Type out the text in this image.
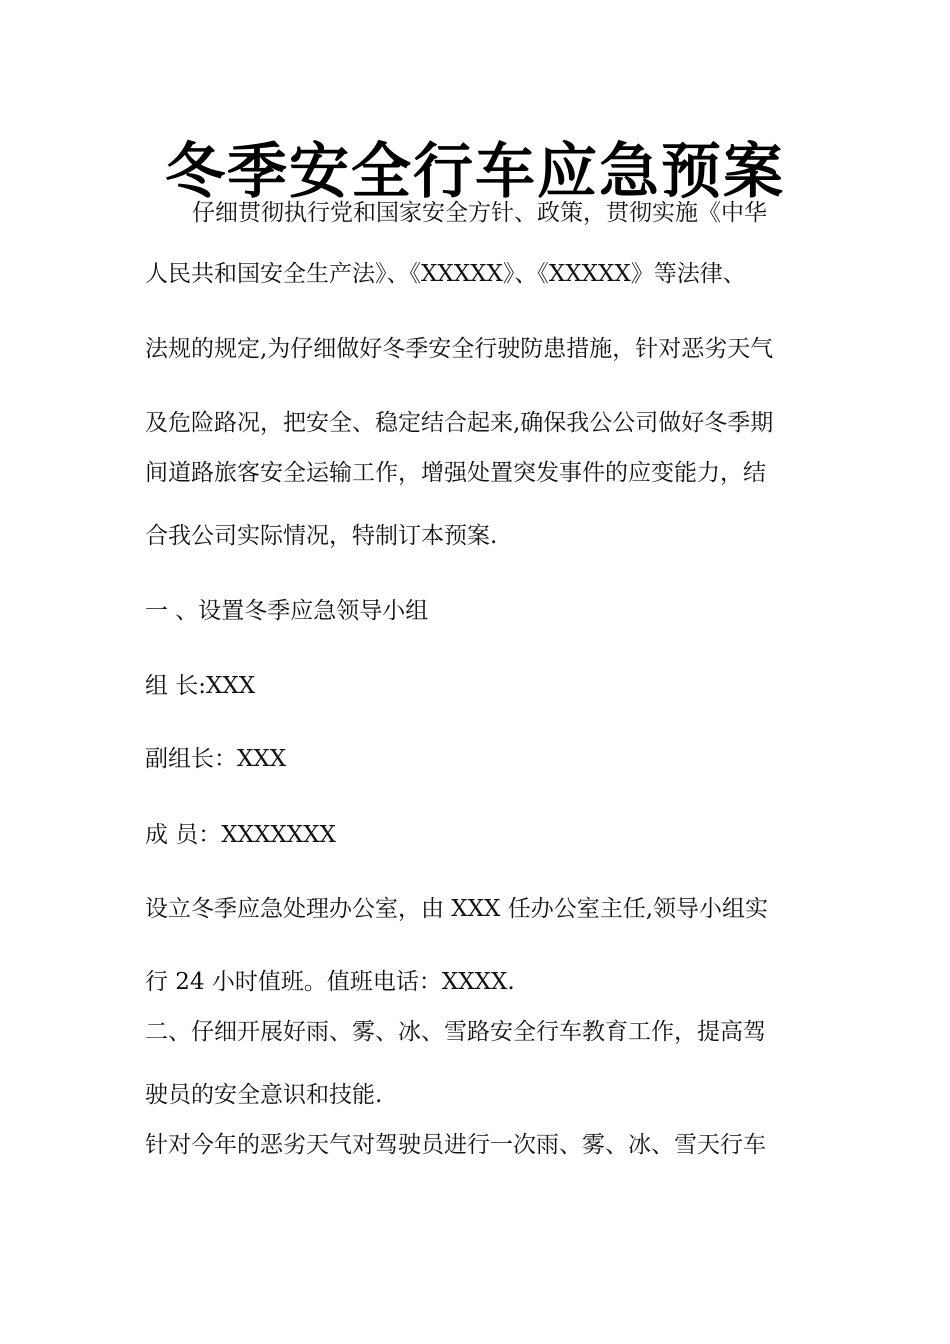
冬季安全行车应急预案
仔细贯彻执行党和国家安全方针、政策，贯彻实施《中华
人民共和国安全生产法》、《XXXXX》、《XXXXX》等法律、
法规的规定,为仔细做好冬季安全行驶防患措施，针对恶劣天气
及危险路况，把安全、稳定结合起来,确保我公公司做好冬季期
间道路旅客安全运输工作，增强处置突发事件的应变能力，结
合我公司实际情况，特制订本预案.
一 、设置冬季应急领导小组
组 长:XXX
副组长：XXX
成 员：XXXXXXX
设立冬季应急处理办公室，由 XXX 任办公室主任,领导小组实
行 24 小时值班。值班电话：XXXX.
二、仔细开展好雨、雾、冰、雪路安全行车教育工作，提高驾
驶员的安全意识和技能.
针对今年的恶劣天气对驾驶员进行一次雨、雾、冰、雪天行车
